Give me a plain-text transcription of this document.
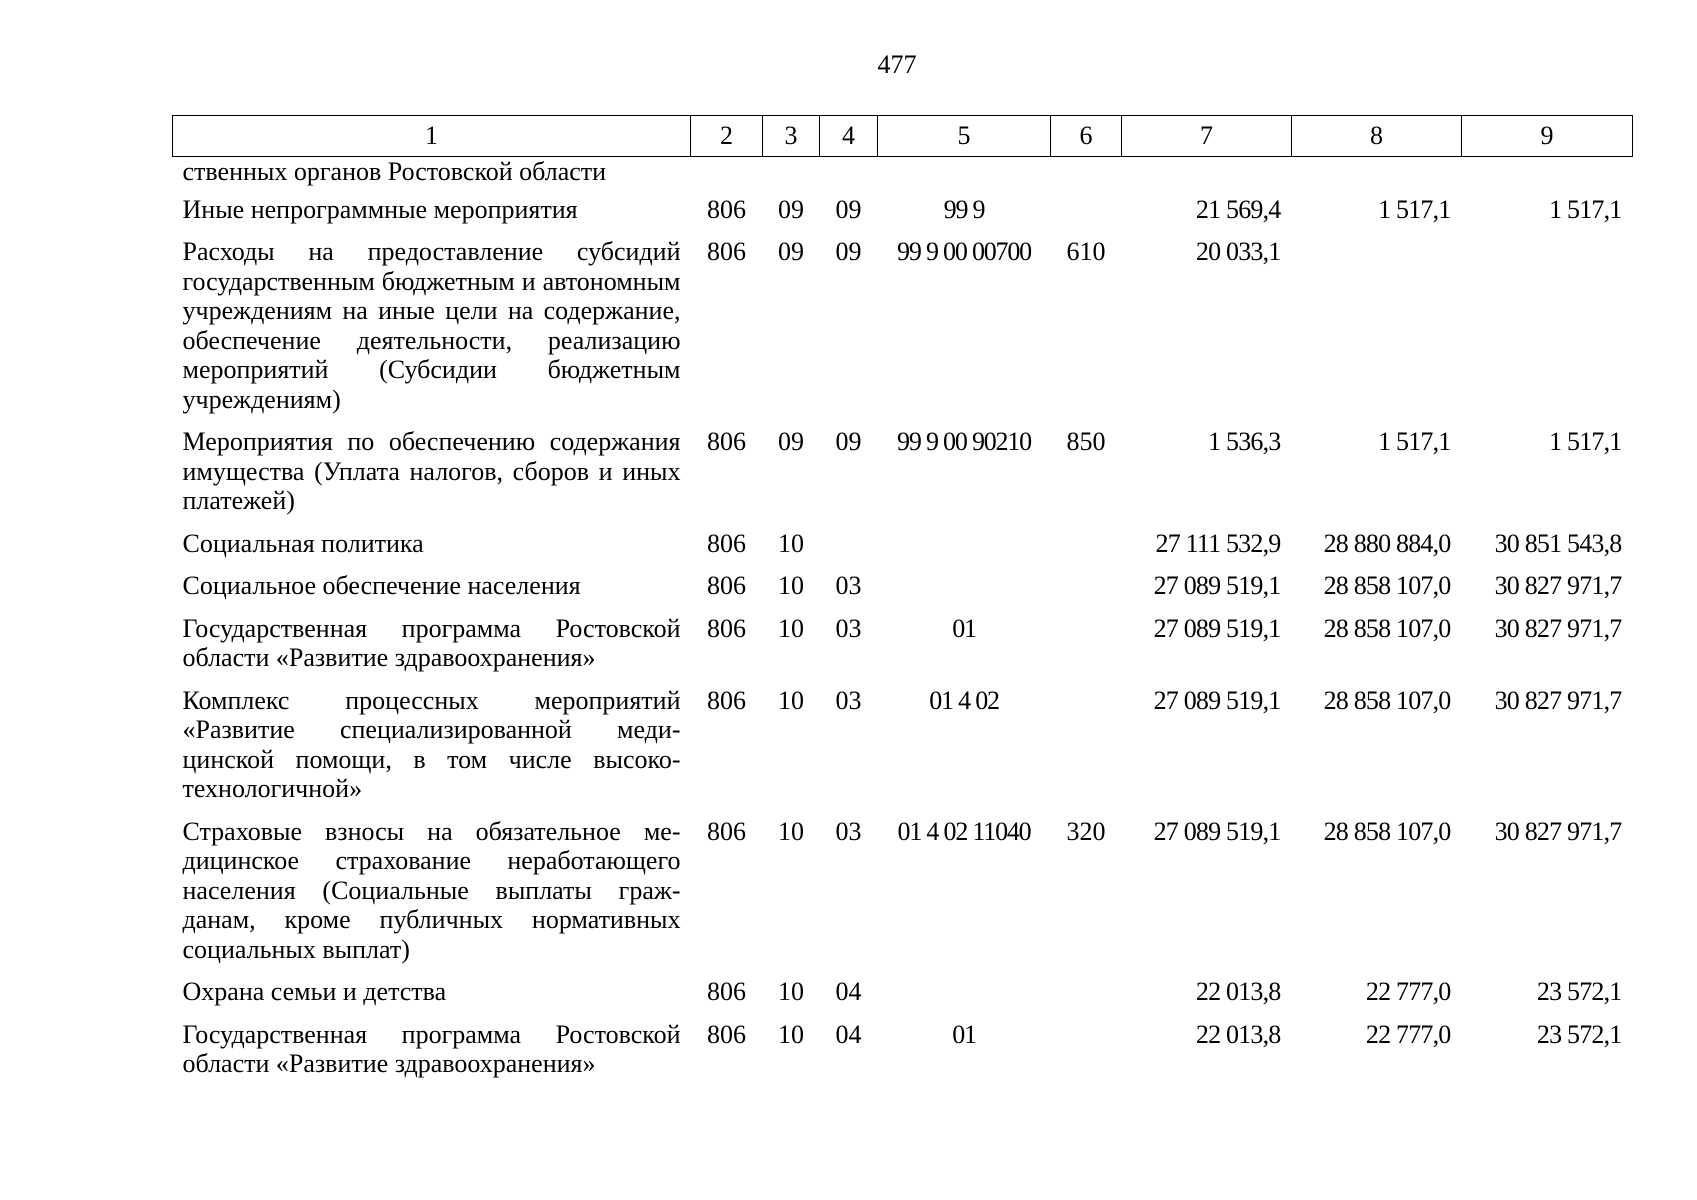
477
1	2	3	4	5	6	7	8	9
ственных органов Ростовской области								
Иные непрограммные мероприятия	806	09	09	99 9		21 569,4	1 517,1	1 517,1
Расходы на предоставление субсидий государственным бюджетным и автономным учреждениям на иные цели на содержание, обеспечение деятельности, реализацию мероприятий (Субсидии бюджетным учреждениям)	806	09	09	99 9 00 00700	610	20 033,1		
Мероприятия по обеспечению содержания имущества (Уплата налогов, сборов и иных платежей)	806	09	09	99 9 00 90210	850	1 536,3	1 517,1	1 517,1
Социальная политика	806	10				27 111 532,9	28 880 884,0	30 851 543,8
Социальное обеспечение населения	806	10	03			27 089 519,1	28 858 107,0	30 827 971,7
Государственная программа Ростовской области «Развитие здравоохранения»	806	10	03	01		27 089 519,1	28 858 107,0	30 827 971,7
Комплекс процессных мероприятий «Развитие специализированной медицинской помощи, в том числе высокотехнологичной»	806	10	03	01 4 02		27 089 519,1	28 858 107,0	30 827 971,7
Страховые взносы на обязательное медицинское страхование неработающего населения (Социальные выплаты гражданам, кроме публичных нормативных социальных выплат)	806	10	03	01 4 02 11040	320	27 089 519,1	28 858 107,0	30 827 971,7
Охрана семьи и детства	806	10	04			22 013,8	22 777,0	23 572,1
Государственная программа Ростовской области «Развитие здравоохранения»	806	10	04	01		22 013,8	22 777,0	23 572,1
